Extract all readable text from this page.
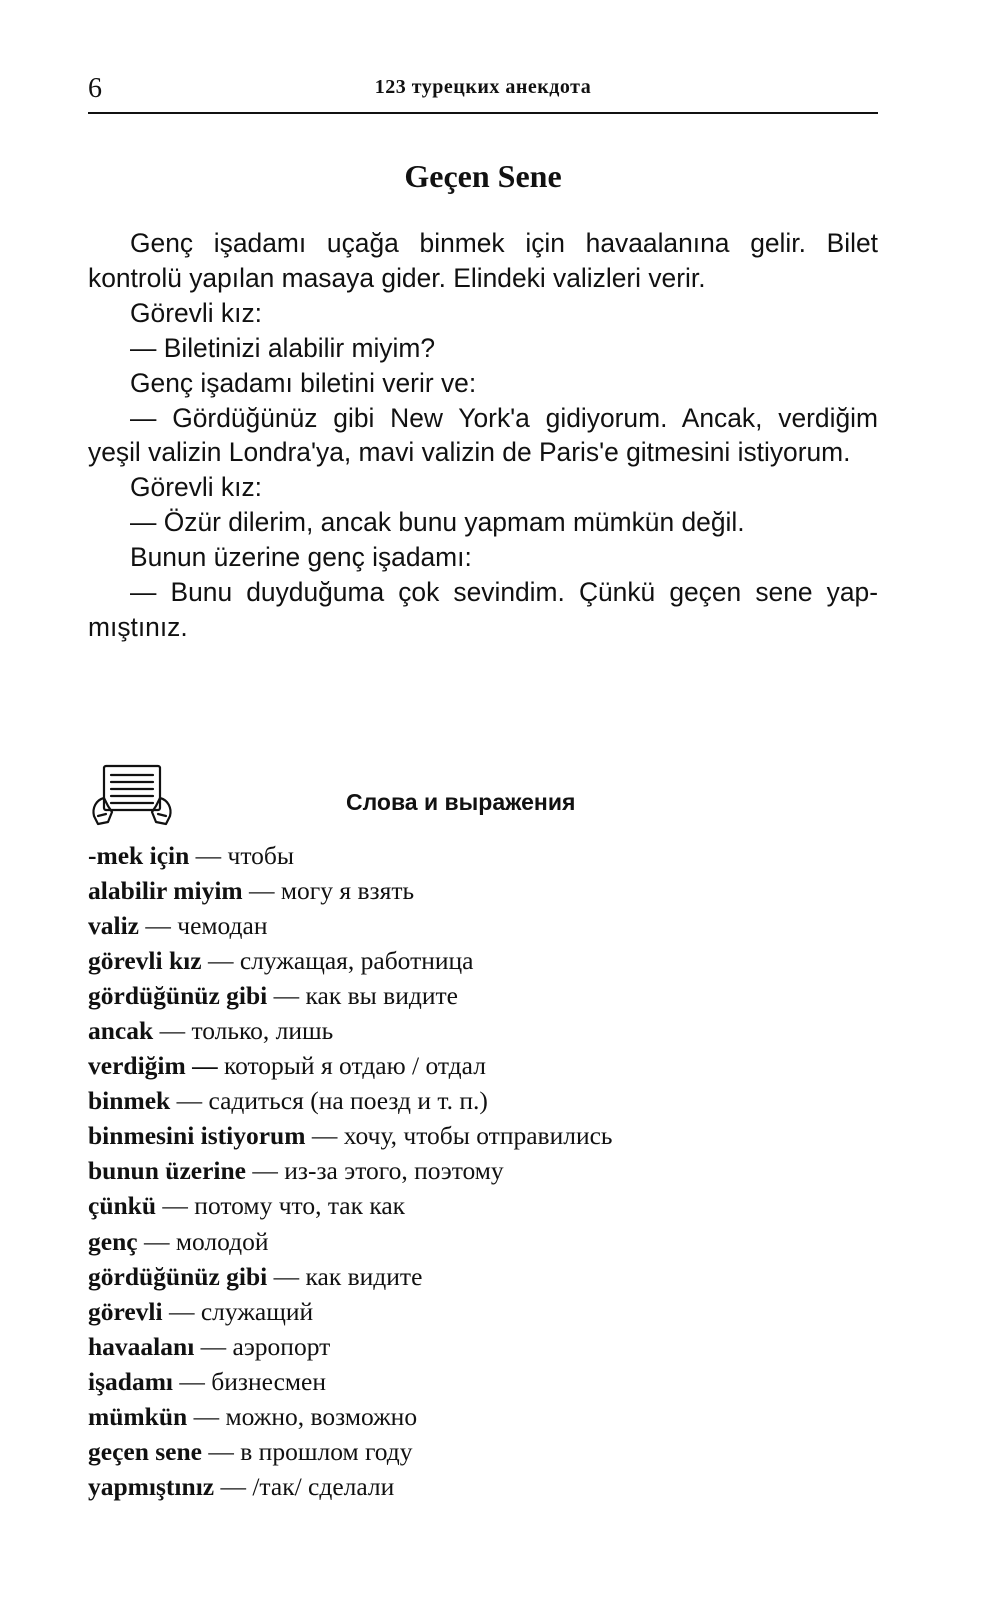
6	123 турецких анекдота
Geçen Sene

Genç işadamı uçağa binmek için havaalanına gelir. Bilet kontrolü yapılan masaya gider. Elindeki valizleri verir.

Görevli kız:

— Biletinizi alabilir miyim?

Genç işadamı biletini verir ve:

— Gördüğünüz gibi New York'a gidiyorum. Ancak, verdiğim yeşil valizin Londra'ya, mavi valizin de Paris'e gitmesini istiyorum.

Görevli kız:

— Özür dilerim, ancak bunu yapmam mümkün değil.

Bunun üzerine genç işadamı:

— Bunu duyduğuma çok sevindim. Çünkü geçen sene yapmıştınız.

Слова и выражения
-mek için — чтобы
alabilir miyim — могу я взять
valiz — чемодан
görevli kız — служащая, работница
gördüğünüz gibi — как вы видите
ancak — только, лишь
verdiğim — который я отдаю / отдал
binmek — садиться (на поезд и т. п.)
binmesini istiyorum — хочу, чтобы отправились
bunun üzerine — из-за этого, поэтому
çünkü — потому что, так как
genç — молодой
gördüğünüz gibi — как видите
görevli — служащий
havaalanı — аэропорт
işadamı — бизнесмен
mümkün — можно, возможно
geçen sene — в прошлом году
yapmıştınız — /так/ сделали
